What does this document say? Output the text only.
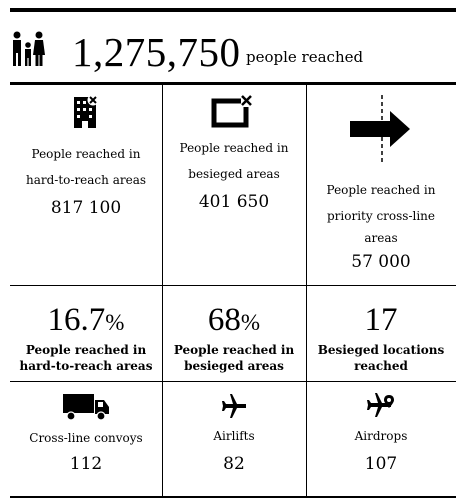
1,275,750 people reached
People reached in
hard-to-reach areas
817 100
People reached in
besieged areas
401 650
People reached in
priority cross-line
areas
57 000
16.7%
People reached in
hard-to-reach areas
68%
People reached in
besieged areas
17
Besieged locations
reached
Cross-line convoys
112
Airlifts
82
Airdrops
107
